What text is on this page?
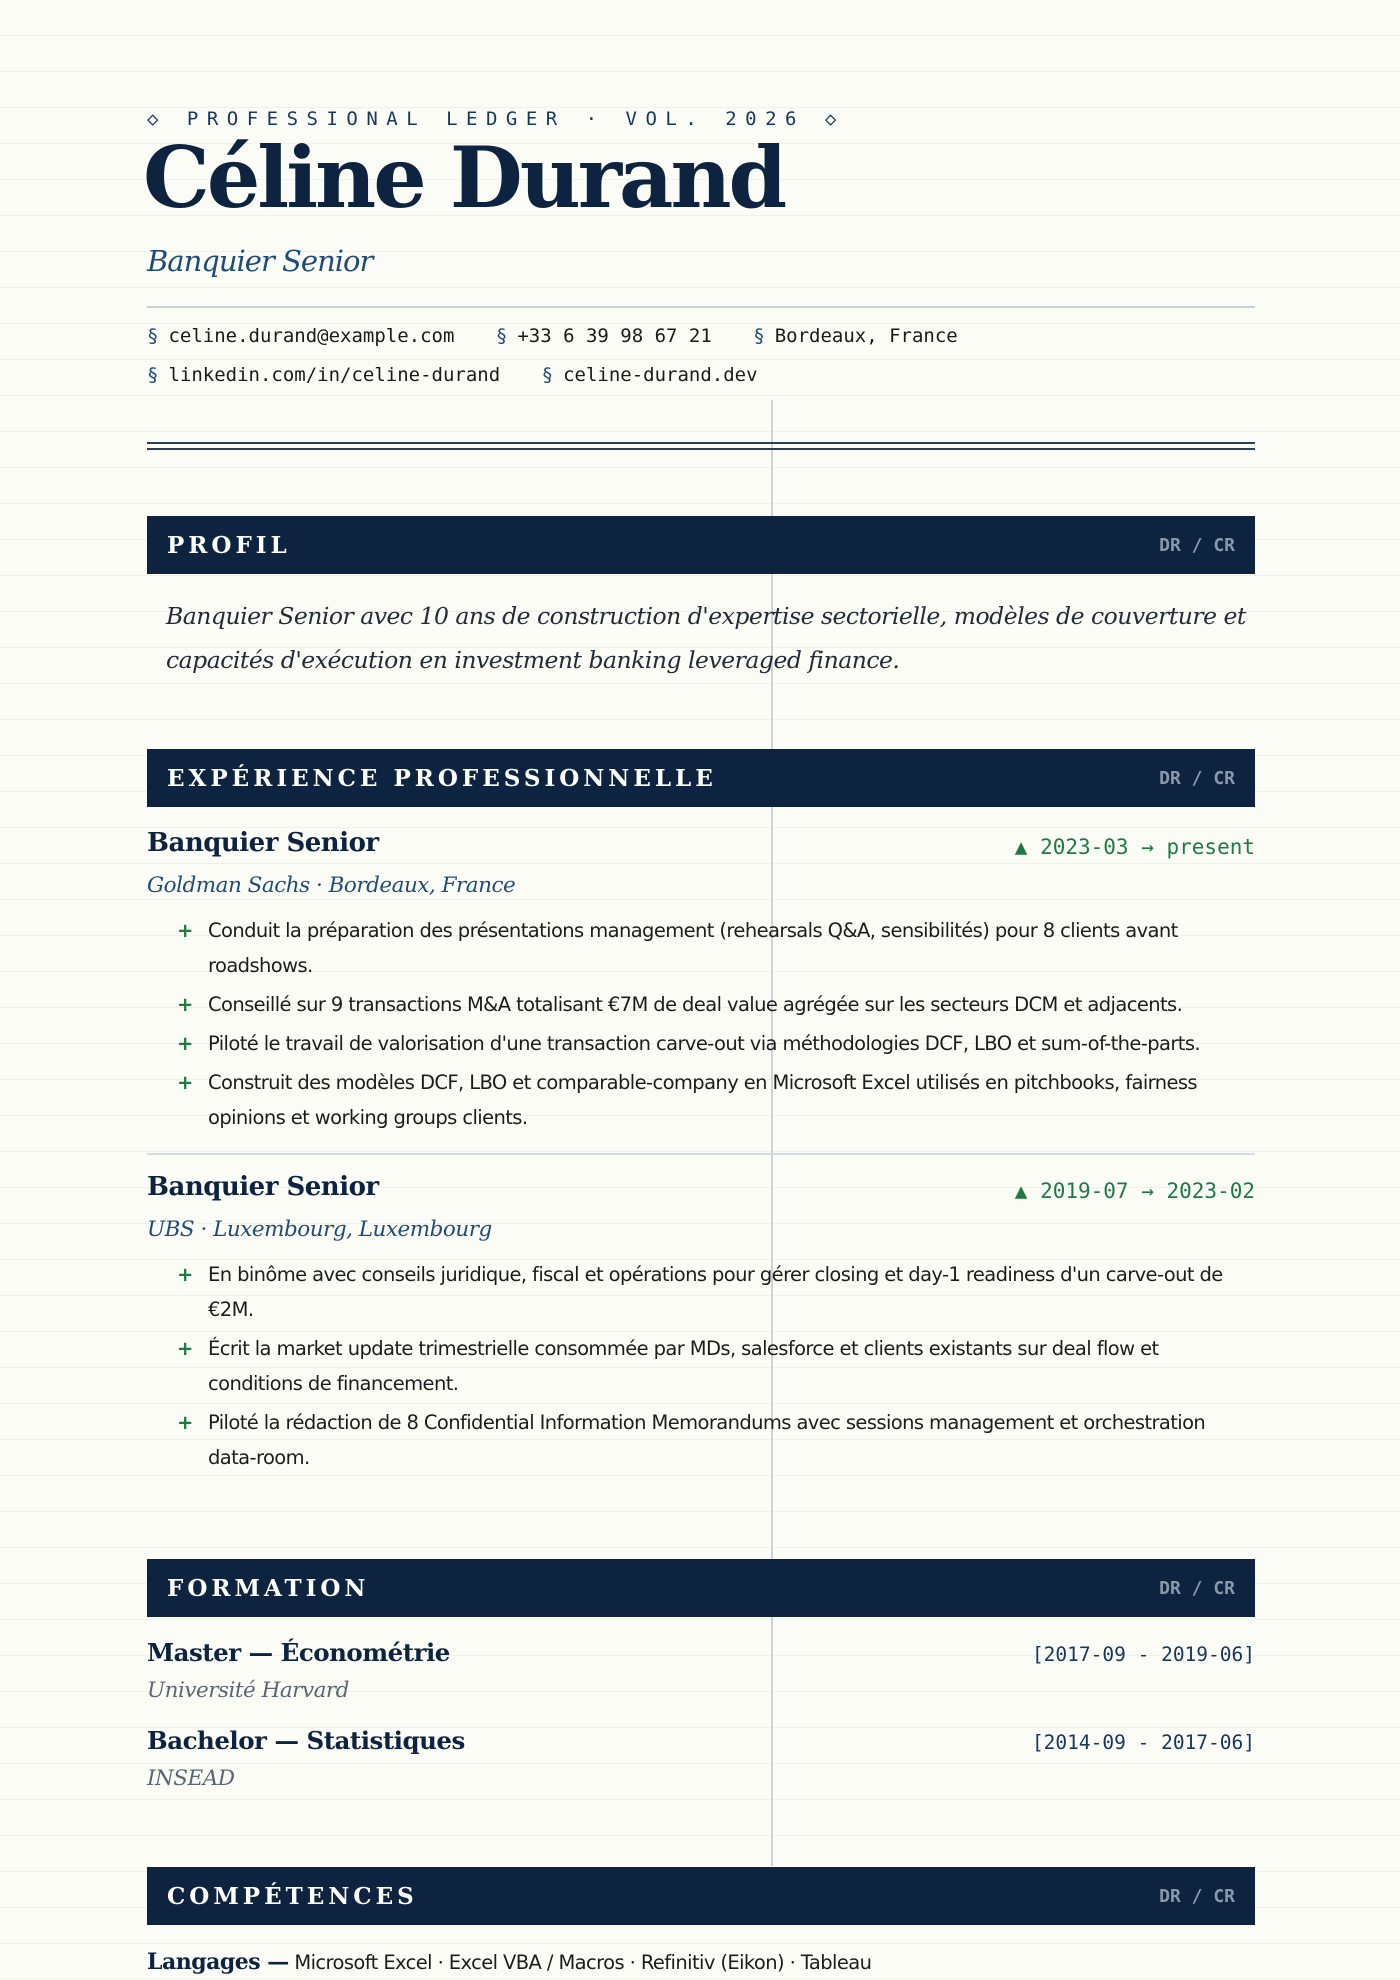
◇ PROFESSIONAL LEDGER · VOL. 2026 ◇
Céline Durand
Banquier Senior
§ celine.durand@example.com § +33 6 39 98 67 21 § Bordeaux, France
§ linkedin.com/in/celine-durand § celine-durand.dev
PROFIL	DR / CR
Banquier Senior avec 10 ans de construction d'expertise sectorielle, modèles de couverture et capacités d'exécution en investment banking leveraged finance.
EXPÉRIENCE PROFESSIONNELLE	DR / CR
Banquier Senior	▲ 2023-03 → present
Goldman Sachs · Bordeaux, France
+ Conduit la préparation des présentations management (rehearsals Q&A, sensibilités) pour 8 clients avant roadshows.
+ Conseillé sur 9 transactions M&A totalisant €7M de deal value agrégée sur les secteurs DCM et adjacents.
+ Piloté le travail de valorisation d'une transaction carve-out via méthodologies DCF, LBO et sum-of-the-parts.
+ Construit des modèles DCF, LBO et comparable-company en Microsoft Excel utilisés en pitchbooks, fairness opinions et working groups clients.
Banquier Senior	▲ 2019-07 → 2023-02
UBS · Luxembourg, Luxembourg
+ En binôme avec conseils juridique, fiscal et opérations pour gérer closing et day-1 readiness d'un carve-out de €2M.
+ Écrit la market update trimestrielle consommée par MDs, salesforce et clients existants sur deal flow et conditions de financement.
+ Piloté la rédaction de 8 Confidential Information Memorandums avec sessions management et orchestration data-room.
FORMATION	DR / CR
Master — Économétrie	[2017-09 - 2019-06]
Université Harvard
Bachelor — Statistiques	[2014-09 - 2017-06]
INSEAD
COMPÉTENCES	DR / CR
Langages — Microsoft Excel · Excel VBA / Macros · Refinitiv (Eikon) · Tableau
